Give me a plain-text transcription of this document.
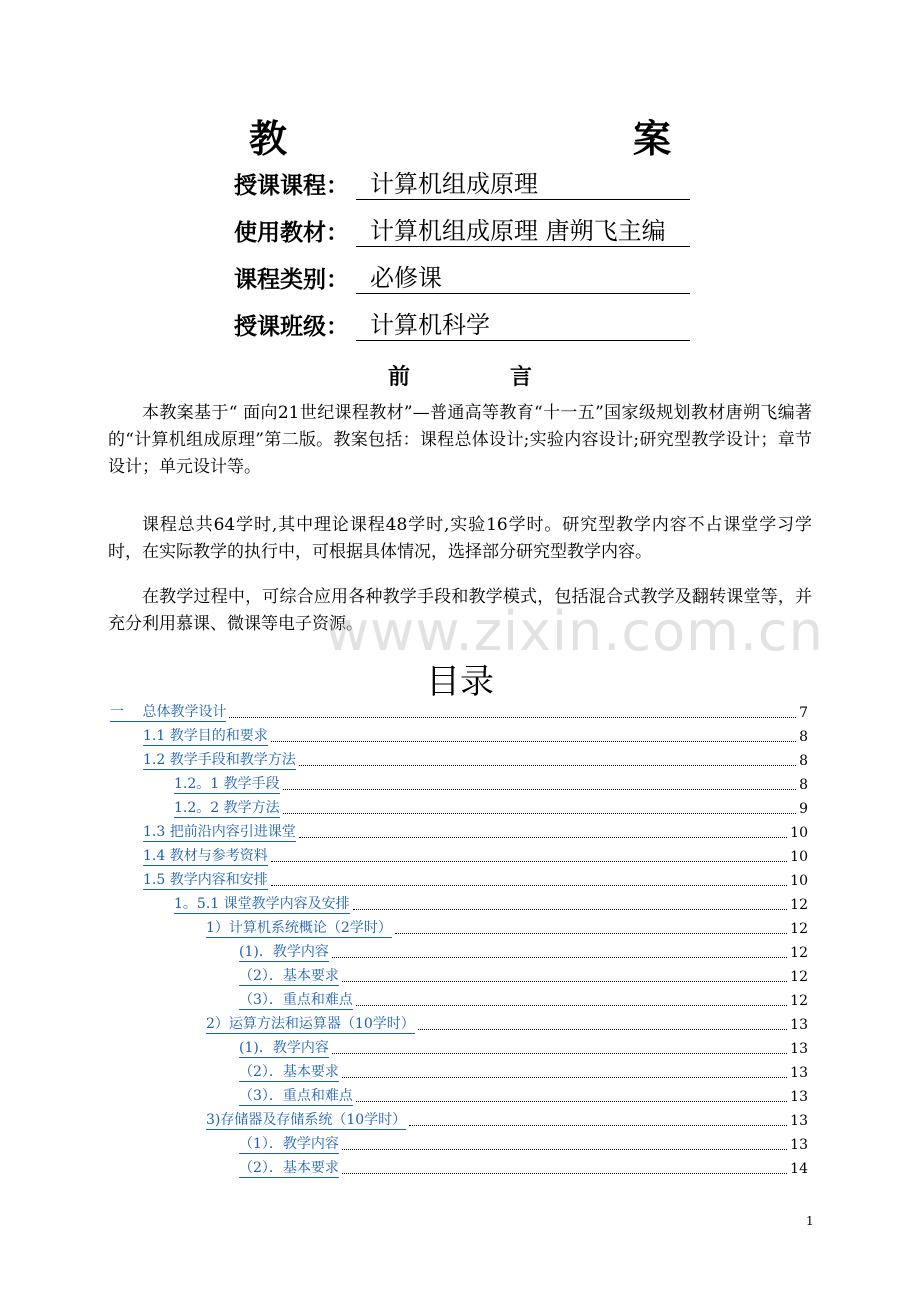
教　　案
授课课程： 计算机组成原理
使用教材： 计算机组成原理 唐朔飞主编
课程类别： 必修课
授课班级： 计算机科学
前言
本教案基于“ 面向21世纪课程教材”—普通高等教育“十一五”国家级规划教材唐朔飞编著的“计算机组成原理”第二版。教案包括：课程总体设计;实验内容设计;研究型教学设计；章节设计；单元设计等。
课程总共64学时,其中理论课程48学时,实验16学时。研究型教学内容不占课堂学习学时，在实际教学的执行中，可根据具体情况，选择部分研究型教学内容。
在教学过程中，可综合应用各种教学手段和教学模式，包括混合式教学及翻转课堂等，并充分利用慕课、微课等电子资源。
www.zixin.com.cn
目录
一　 总体教学设计	7
1.1 教学目的和要求	8
1.2 教学手段和教学方法	8
1.2。1 教学手段	8
1.2。2 教学方法	9
1.3 把前沿内容引进课堂	10
1.4 教材与参考资料	10
1.5 教学内容和安排	10
1。5.1 课堂教学内容及安排	12
1）计算机系统概论（2学时）	12
(1)．教学内容	12
（2）．基本要求	12
（3）．重点和难点	12
2）运算方法和运算器（10学时）	13
(1)．教学内容	13
（2）．基本要求	13
（3）．重点和难点	13
3)存储器及存储系统（10学时）	13
（1）．教学内容	13
（2）．基本要求	14
1
